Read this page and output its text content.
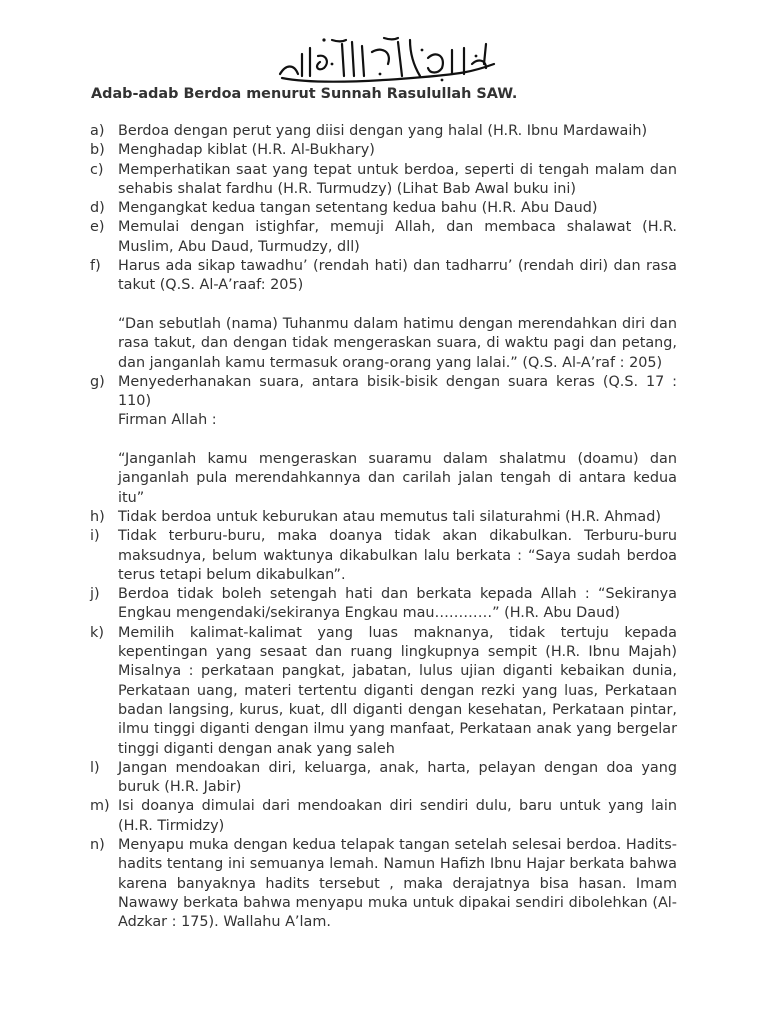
Adab-adab Berdoa menurut Sunnah Rasulullah SAW.
a) Berdoa dengan perut yang diisi dengan yang halal (H.R. Ibnu Mardawaih)
b) Menghadap kiblat (H.R. Al-Bukhary)
c) Memperhatikan saat yang tepat untuk berdoa, seperti di tengah malam dan sehabis shalat fardhu (H.R. Turmudzy) (Lihat Bab Awal buku ini)
d) Mengangkat kedua tangan setentang kedua bahu (H.R. Abu Daud)
e) Memulai dengan istighfar, memuji Allah, dan membaca shalawat (H.R. Muslim, Abu Daud, Turmudzy, dll)
f) Harus ada sikap tawadhu’ (rendah hati) dan tadharru’ (rendah diri) dan rasa takut (Q.S. Al-A’raaf: 205)
“Dan sebutlah (nama) Tuhanmu dalam hatimu dengan merendahkan diri dan rasa takut, dan dengan tidak mengeraskan suara, di waktu pagi dan petang, dan janganlah kamu termasuk orang-orang yang lalai.” (Q.S. Al-A’raf : 205)
g) Menyederhanakan suara, antara bisik-bisik dengan suara keras (Q.S. 17 : 110)
Firman Allah :
“Janganlah kamu mengeraskan suaramu dalam shalatmu (doamu) dan janganlah pula merendahkannya dan carilah jalan tengah di antara kedua itu”
h) Tidak berdoa untuk keburukan atau memutus tali silaturahmi (H.R. Ahmad)
i) Tidak terburu-buru, maka doanya tidak akan dikabulkan. Terburu-buru maksudnya, belum waktunya dikabulkan lalu berkata : “Saya sudah berdoa terus tetapi belum dikabulkan”.
j) Berdoa tidak boleh setengah hati dan berkata kepada Allah : “Sekiranya Engkau mengendaki/sekiranya Engkau mau…………” (H.R. Abu Daud)
k) Memilih kalimat-kalimat yang luas maknanya, tidak tertuju kepada kepentingan yang sesaat dan ruang lingkupnya sempit (H.R. Ibnu Majah) Misalnya : perkataan pangkat, jabatan, lulus ujian diganti kebaikan dunia, Perkataan uang, materi tertentu diganti dengan rezki yang luas, Perkataan badan langsing, kurus, kuat, dll diganti dengan kesehatan, Perkataan pintar, ilmu tinggi diganti dengan ilmu yang manfaat, Perkataan anak yang bergelar tinggi diganti dengan anak yang saleh
l) Jangan mendoakan diri, keluarga, anak, harta, pelayan dengan doa yang buruk (H.R. Jabir)
m) Isi doanya dimulai dari mendoakan diri sendiri dulu, baru untuk yang lain (H.R. Tirmidzy)
n) Menyapu muka dengan kedua telapak tangan setelah selesai berdoa. Hadits-hadits tentang ini semuanya lemah. Namun Hafizh Ibnu Hajar berkata bahwa karena banyaknya hadits tersebut , maka derajatnya bisa hasan. Imam Nawawy berkata bahwa menyapu muka untuk dipakai sendiri dibolehkan (Al-Adzkar : 175). Wallahu A’lam.
